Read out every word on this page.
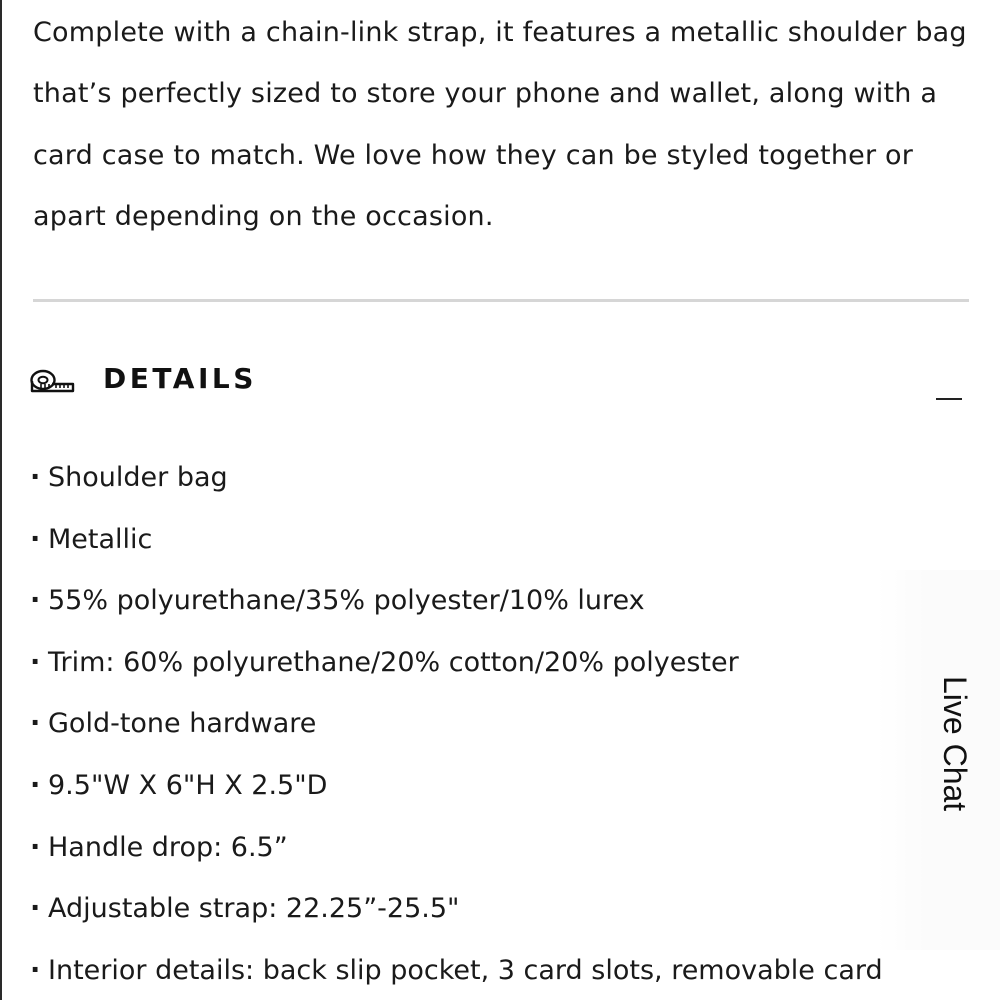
Complete with a chain-link strap, it features a metallic shoulder bag that’s perfectly sized to store your phone and wallet, along with a card case to match. We love how they can be styled together or apart depending on the occasion.

DETAILS
· Shoulder bag
· Metallic
· 55% polyurethane/35% polyester/10% lurex
· Trim: 60% polyurethane/20% cotton/20% polyester
· Gold-tone hardware
· 9.5"W X 6"H X 2.5"D
· Handle drop: 6.5”
· Adjustable strap: 22.25”-25.5"
· Interior details: back slip pocket, 3 card slots, removable card
Live Chat
